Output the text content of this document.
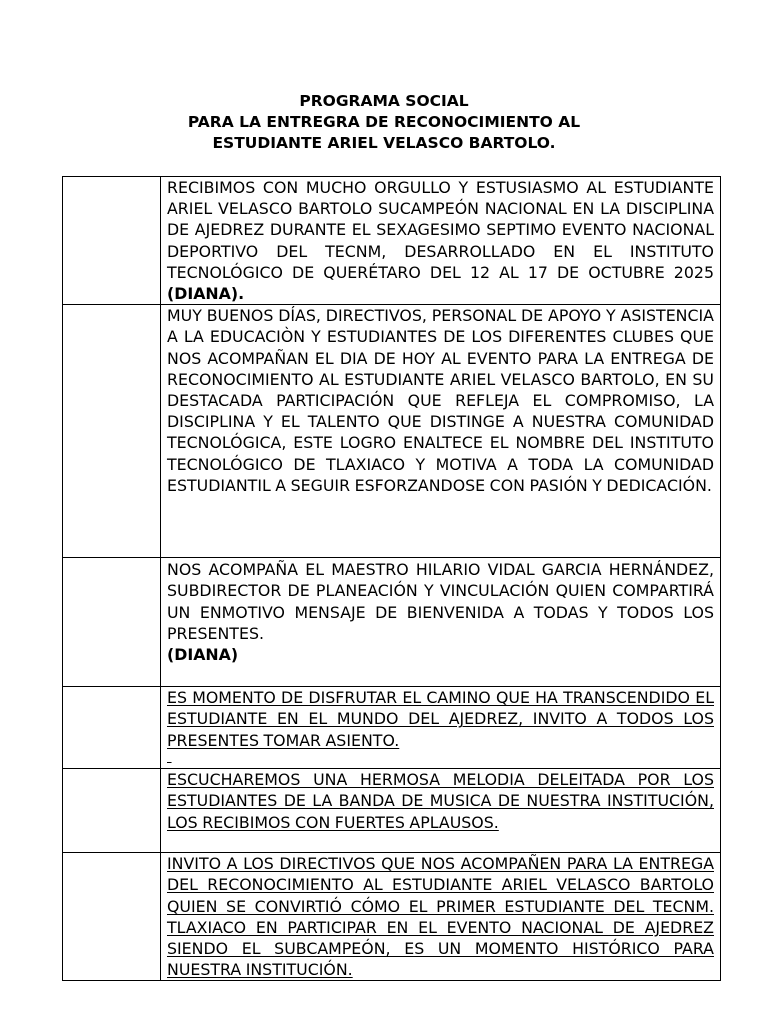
PROGRAMA SOCIAL
PARA LA ENTREGRA DE RECONOCIMIENTO AL
ESTUDIANTE ARIEL VELASCO BARTOLO.

	RECIBIMOS CON MUCHO ORGULLO Y ESTUSIASMO AL ESTUDIANTE ARIEL VELASCO BARTOLO SUCAMPEÓN NACIONAL EN LA DISCIPLINA DE AJEDREZ DURANTE EL SEXAGESIMO SEPTIMO EVENTO NACIONAL DEPORTIVO DEL TECNM, DESARROLLADO EN EL INSTITUTO TECNOLÓGICO DE QUERÉTARO DEL 12 AL 17 DE OCTUBRE 2025 (DIANA).

	MUY BUENOS DÍAS, DIRECTIVOS, PERSONAL DE APOYO Y ASISTENCIA A LA EDUCACIÒN Y ESTUDIANTES DE LOS DIFERENTES CLUBES QUE NOS ACOMPAÑAN EL DIA DE HOY AL EVENTO PARA LA ENTREGA DE RECONOCIMIENTO AL ESTUDIANTE ARIEL VELASCO BARTOLO, EN SU DESTACADA PARTICIPACIÓN QUE REFLEJA EL COMPROMISO, LA DISCIPLINA Y EL TALENTO QUE DISTINGE A NUESTRA COMUNIDAD TECNOLÓGICA, ESTE LOGRO ENALTECE EL NOMBRE DEL INSTITUTO TECNOLÓGICO DE TLAXIACO Y MOTIVA A TODA LA COMUNIDAD ESTUDIANTIL A SEGUIR ESFORZANDOSE CON PASIÓN Y DEDICACIÓN.

	NOS ACOMPAÑA EL MAESTRO HILARIO VIDAL GARCIA HERNÁNDEZ, SUBDIRECTOR DE PLANEACIÓN Y VINCULACIÓN QUIEN COMPARTIRÁ UN ENMOTIVO MENSAJE DE BIENVENIDA A TODAS Y TODOS LOS PRESENTES.
(DIANA)

	ES MOMENTO DE DISFRUTAR EL CAMINO QUE HA TRANSCENDIDO EL ESTUDIANTE EN EL MUNDO DEL AJEDREZ, INVITO A TODOS LOS PRESENTES TOMAR ASIENTO.

	ESCUCHAREMOS UNA HERMOSA MELODIA DELEITADA POR LOS ESTUDIANTES DE LA BANDA DE MUSICA DE NUESTRA INSTITUCIÓN, LOS RECIBIMOS CON FUERTES APLAUSOS.

	INVITO A LOS DIRECTIVOS QUE NOS ACOMPAÑEN PARA LA ENTREGA DEL RECONOCIMIENTO AL ESTUDIANTE ARIEL VELASCO BARTOLO QUIEN SE CONVIRTIÓ CÓMO EL PRIMER ESTUDIANTE DEL TECNM. TLAXIACO EN PARTICIPAR EN EL EVENTO NACIONAL DE AJEDREZ SIENDO EL SUBCAMPEÓN, ES UN MOMENTO HISTÓRICO PARA NUESTRA INSTITUCIÓN.
